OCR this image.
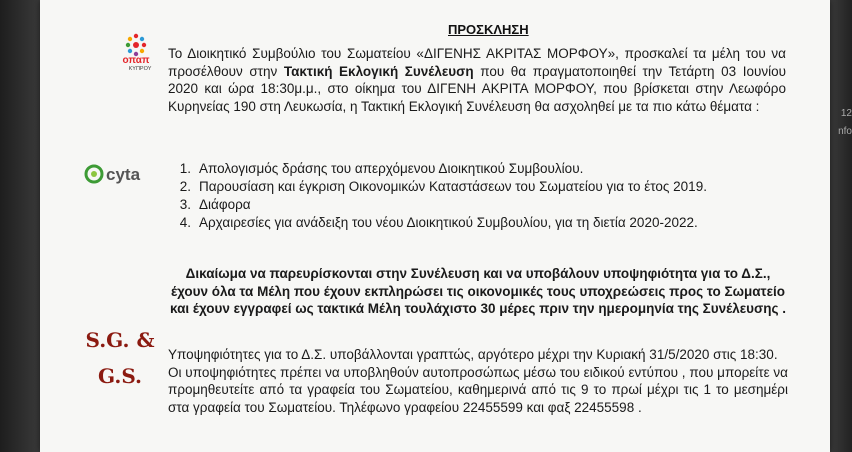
12
nfo
οπαπ
ΚΥΠΡΟΥ
ΠΡΟΣΚΛΗΣΗ
Το Διοικητικό Συμβούλιο του Σωματείου «ΔΙΓΕΝΗΣ ΑΚΡΙΤΑΣ ΜΟΡΦΟΥ», προσκαλεί τα μέλη του να προσέλθουν στην Τακτική Εκλογική Συνέλευση που θα πραγματοποιηθεί την Τετάρτη 03 Ιουνίου 2020 και ώρα 18:30μ.μ., στο οίκημα του ΔΙΓΕΝΗ ΑΚΡΙΤΑ ΜΟΡΦΟΥ, που βρίσκεται στην Λεωφόρο Κυρηνείας 190 στη Λευκωσία, η Τακτική Εκλογική Συνέλευση θα ασχοληθεί με τα πιο κάτω θέματα :
cyta	1. Απολογισμός δράσης του απερχόμενου Διοικητικού Συμβουλίου.
2. Παρουσίαση και έγκριση Οικονομικών Καταστάσεων του Σωματείου για το έτος 2019.
3. Διάφορα
4. Αρχαιρεσίες για ανάδειξη του νέου Διοικητικού Συμβουλίου, για τη διετία 2020-2022.
Δικαίωμα να παρευρίσκονται στην Συνέλευση και να υποβάλουν υποψηφιότητα για το Δ.Σ., έχουν όλα τα Μέλη που έχουν εκπληρώσει τις οικονομικές τους υποχρεώσεις προς το Σωματείο και έχουν εγγραφεί ως τακτικά Μέλη τουλάχιστο 30 μέρες πριν την ημερομηνία της Συνέλευσης .
S.G. &
G.S.
Υποψηφιότητες για το Δ.Σ. υποβάλλονται γραπτώς, αργότερο μέχρι την Κυριακή 31/5/2020 στις 18:30.
Οι υποψηφιότητες πρέπει να υποβληθούν αυτοπροσώπως μέσω του ειδικού εντύπου , που μπορείτε να προμηθευτείτε από τα γραφεία του Σωματείου, καθημερινά από τις 9 το πρωί μέχρι τις 1 το μεσημέρι στα γραφεία του Σωματείου. Τηλέφωνο γραφείου 22455599 και φαξ 22455598 .
